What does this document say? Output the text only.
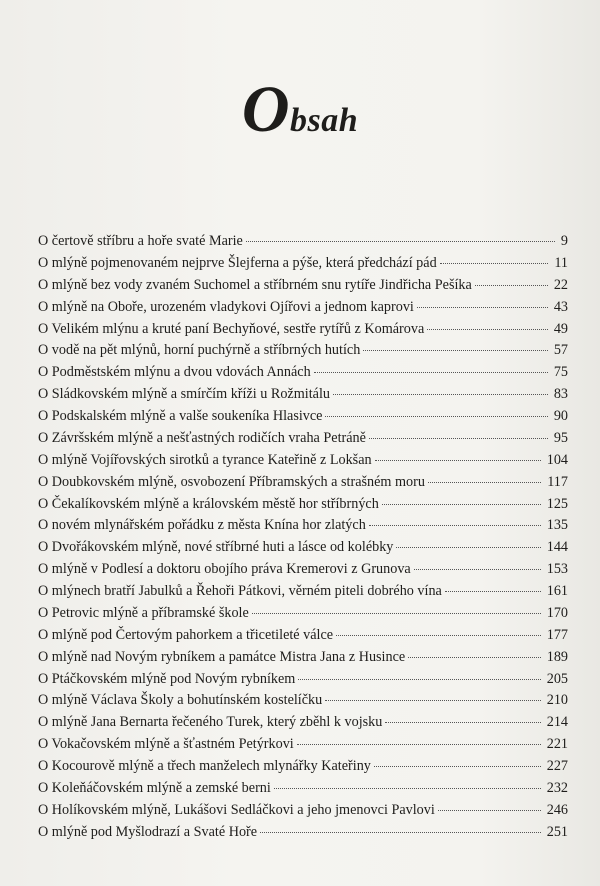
Obsah
O čertově stříbru a hoře svaté Marie	9
O mlýně pojmenovaném nejprve Šlejferna a pýše, která předchází pád	11
O mlýně bez vody zvaném Suchomel a stříbrném snu rytíře Jindřicha Pešíka	22
O mlýně na Oboře, urozeném vladykovi Ojířovi a jednom kaprovi	43
O Velikém mlýnu a kruté paní Bechyňové, sestře rytířů z Komárova	49
O vodě na pět mlýnů, horní puchýrně a stříbrných hutích	57
O Podměstském mlýnu a dvou vdovách Annách	75
O Sládkovském mlýně a smírčím kříži u Rožmitálu	83
O Podskalském mlýně a valše soukeníka Hlasivce	90
O Závršském mlýně a nešťastných rodičích vraha Petráně	95
O mlýně Vojířovských sirotků a tyrance Kateřině z Lokšan	104
O Doubkovském mlýně, osvobození Příbramských a strašném moru	117
O Čekalíkovském mlýně a královském městě hor stříbrných	125
O novém mlynářském pořádku z města Knína hor zlatých	135
O Dvořákovském mlýně, nové stříbrné huti a lásce od kolébky	144
O mlýně v Podlesí a doktoru obojího práva Kremerovi z Grunova	153
O mlýnech bratří Jabulků a Řehoři Pátkovi, věrném piteli dobrého vína	161
O Petrovic mlýně a příbramské škole	170
O mlýně pod Čertovým pahorkem a třicetileté válce	177
O mlýně nad Novým rybníkem a památce Mistra Jana z Husince	189
O Ptáčkovském mlýně pod Novým rybníkem	205
O mlýně Václava Školy a bohutínském kostelíčku	210
O mlýně Jana Bernarta řečeného Turek, který zběhl k vojsku	214
O Vokačovském mlýně a šťastném Petýrkovi	221
O Kocourově mlýně a třech manželech mlynářky Kateřiny	227
O Koleňáčovském mlýně a zemské berni	232
O Holíkovském mlýně, Lukášovi Sedláčkovi a jeho jmenovci Pavlovi	246
O mlýně pod Myšlodrazí a Svaté Hoře	251
